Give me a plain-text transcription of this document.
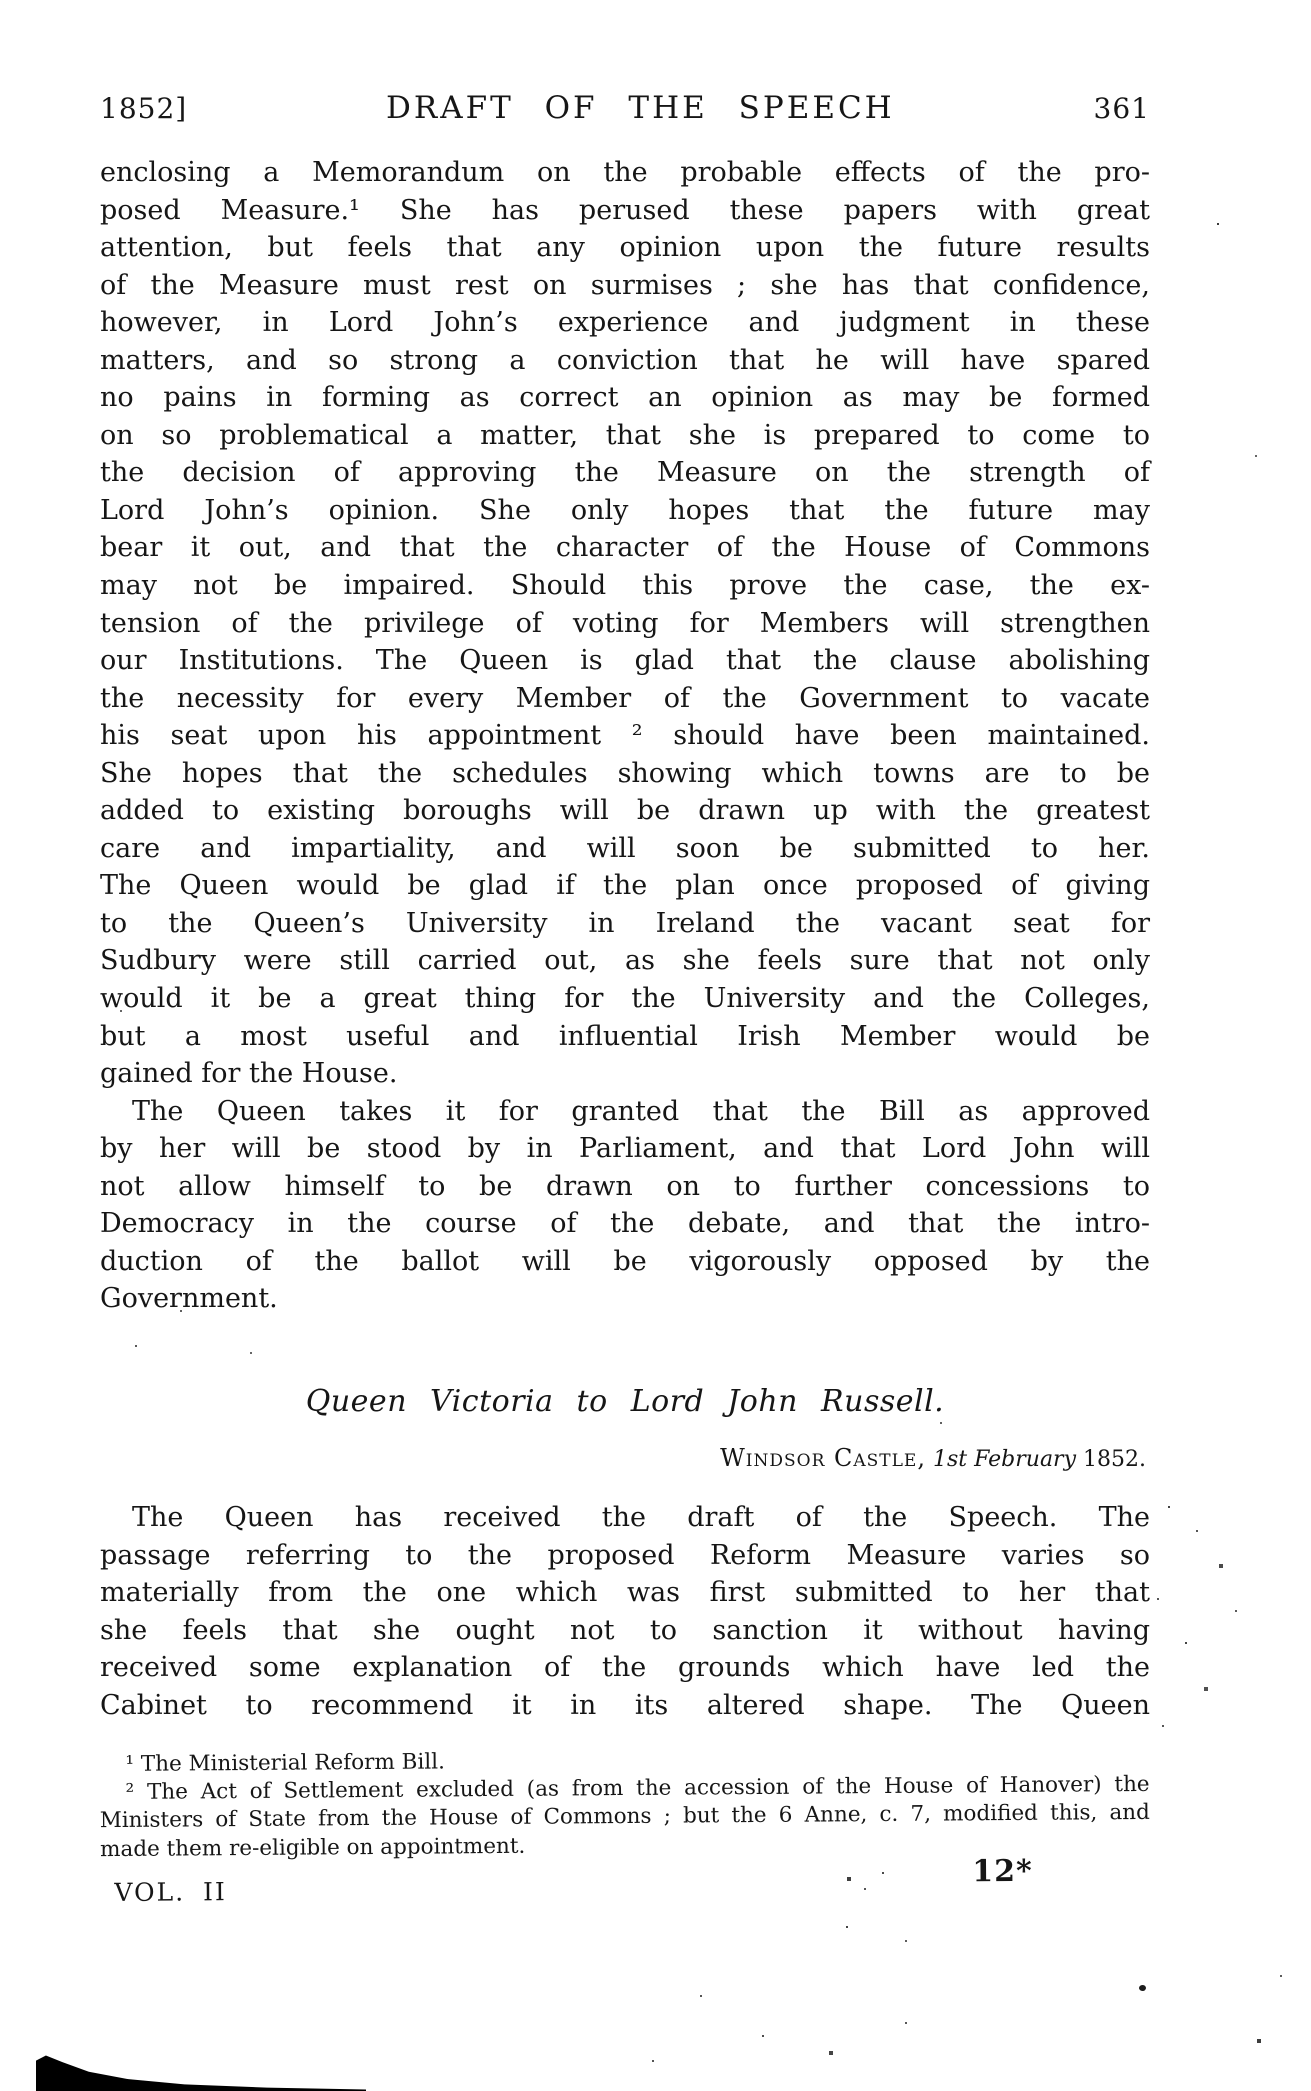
1852]	DRAFT OF THE SPEECH	361
enclosing a Memorandum on the probable effects of the pro-
posed Measure.¹ She has perused these papers with great
attention, but feels that any opinion upon the future results
of the Measure must rest on surmises ; she has that confidence,
however, in Lord John’s experience and judgment in these
matters, and so strong a conviction that he will have spared
no pains in forming as correct an opinion as may be formed
on so problematical a matter, that she is prepared to come to
the decision of approving the Measure on the strength of
Lord John’s opinion. She only hopes that the future may
bear it out, and that the character of the House of Commons
may not be impaired. Should this prove the case, the ex-
tension of the privilege of voting for Members will strengthen
our Institutions. The Queen is glad that the clause abolishing
the necessity for every Member of the Government to vacate
his seat upon his appointment ² should have been maintained.
She hopes that the schedules showing which towns are to be
added to existing boroughs will be drawn up with the greatest
care and impartiality, and will soon be submitted to her.
The Queen would be glad if the plan once proposed of giving
to the Queen’s University in Ireland the vacant seat for
Sudbury were still carried out, as she feels sure that not only
would it be a great thing for the University and the Colleges,
but a most useful and influential Irish Member would be
gained for the House.
The Queen takes it for granted that the Bill as approved
by her will be stood by in Parliament, and that Lord John will
not allow himself to be drawn on to further concessions to
Democracy in the course of the debate, and that the intro-
duction of the ballot will be vigorously opposed by the
Government.
Queen Victoria to Lord John Russell.
Windsor Castle, 1st February 1852.
The Queen has received the draft of the Speech. The
passage referring to the proposed Reform Measure varies so
materially from the one which was first submitted to her that
she feels that she ought not to sanction it without having
received some explanation of the grounds which have led the
Cabinet to recommend it in its altered shape. The Queen
¹ The Ministerial Reform Bill.
² The Act of Settlement excluded (as from the accession of the House of Hanover) the
Ministers of State from the House of Commons ; but the 6 Anne, c. 7, modified this, and
made them re-eligible on appointment.
VOL. II
12*
